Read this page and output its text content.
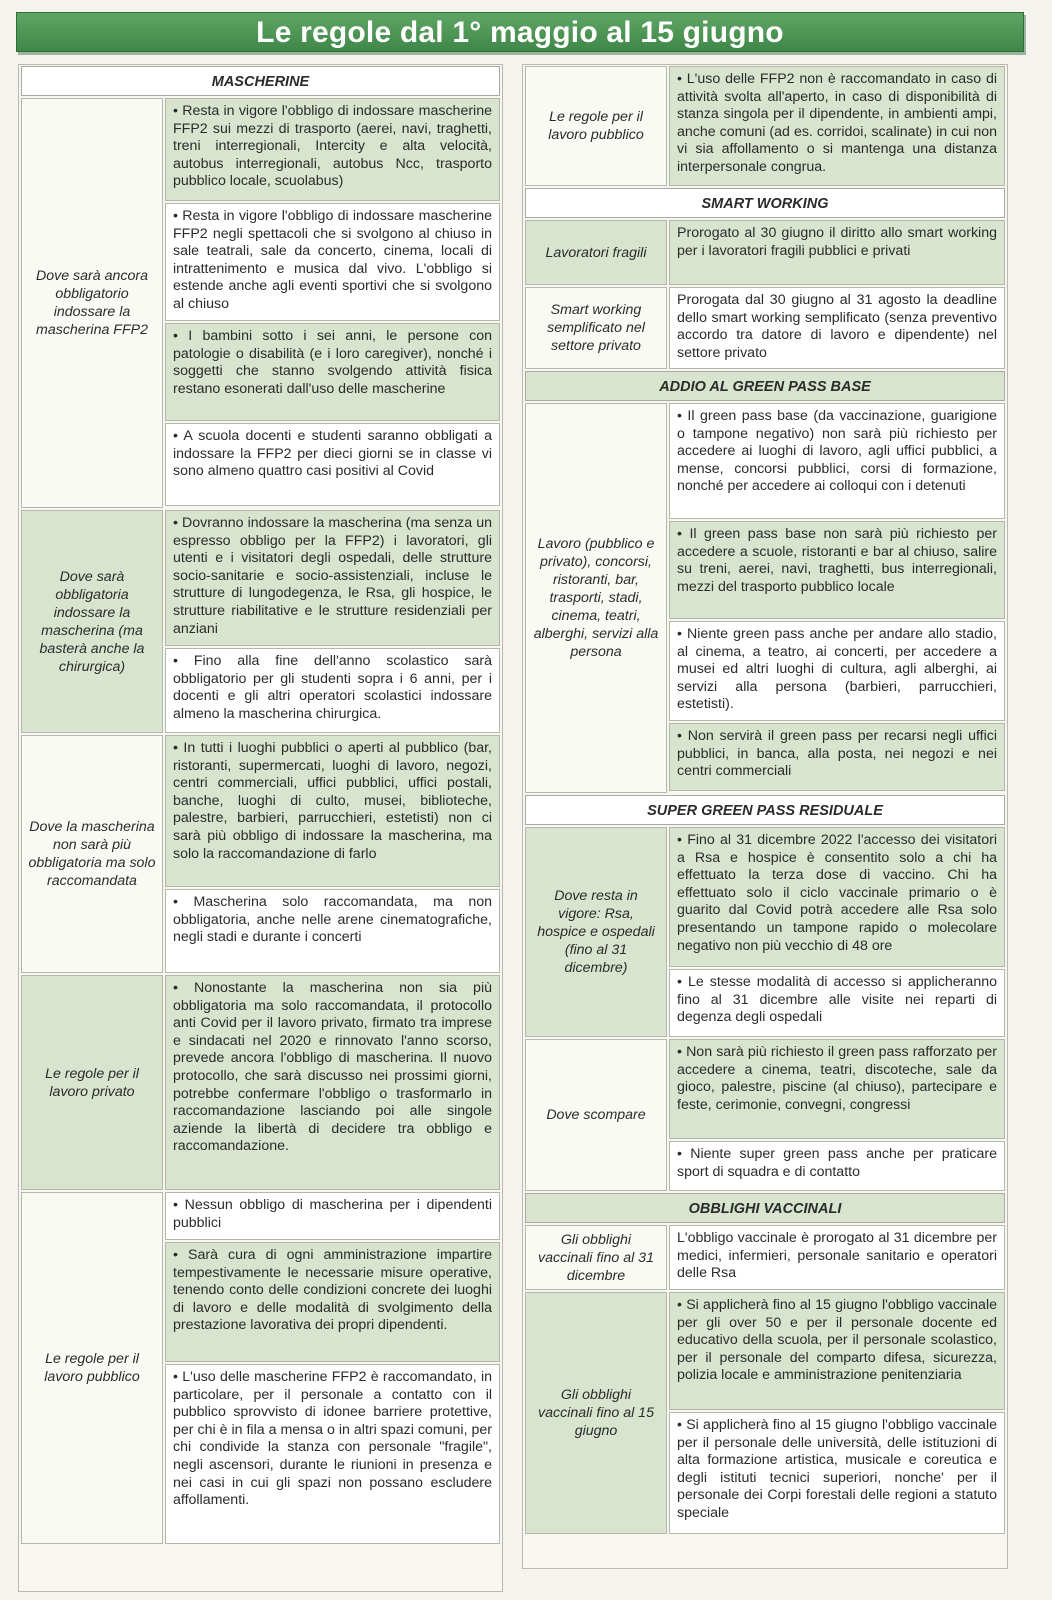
Le regole dal 1° maggio al 15 giugno
MASCHERINE
Dove sarà ancora obbligatorio indossare la mascherina FFP2
• Resta in vigore l'obbligo di indossare mascherine FFP2 sui mezzi di trasporto (aerei, navi, traghetti, treni interregionali, Intercity e alta velocità, autobus interregionali, autobus Ncc, trasporto pubblico locale, scuolabus)
• Resta in vigore l'obbligo di indossare mascherine FFP2 negli spettacoli che si svolgono al chiuso in sale teatrali, sale da concerto, cinema, locali di intrattenimento e musica dal vivo. L'obbligo si estende anche agli eventi sportivi che si svolgono al chiuso
• I bambini sotto i sei anni, le persone con patologie o disabilità (e i loro caregiver), nonché i soggetti che stanno svolgendo attività fisica restano esonerati dall'uso delle mascherine
• A scuola docenti e studenti saranno obbligati a indossare la FFP2 per dieci giorni se in classe vi sono almeno quattro casi positivi al Covid
Dove sarà obbligatoria indossare la mascherina (ma basterà anche la chirurgica)
• Dovranno indossare la mascherina (ma senza un espresso obbligo per la FFP2) i lavoratori, gli utenti e i visitatori degli ospedali, delle strutture socio-sanitarie e socio-assistenziali, incluse le strutture di lungodegenza, le Rsa, gli hospice, le strutture riabilitative e le strutture residenziali per anziani
• Fino alla fine dell'anno scolastico sarà obbligatorio per gli studenti sopra i 6 anni, per i docenti e gli altri operatori scolastici indossare almeno la mascherina chirurgica.
Dove la mascherina non sarà più obbligatoria ma solo raccomandata
• In tutti i luoghi pubblici o aperti al pubblico (bar, ristoranti, supermercati, luoghi di lavoro, negozi, centri commerciali, uffici pubblici, uffici postali, banche, luoghi di culto, musei, biblioteche, palestre, barbieri, parrucchieri, estetisti) non ci sarà più obbligo di indossare la mascherina, ma solo la raccomandazione di farlo
• Mascherina solo raccomandata, ma non obbligatoria, anche nelle arene cinematografiche, negli stadi e durante i concerti
Le regole per il lavoro privato
• Nonostante la mascherina non sia più obbligatoria ma solo raccomandata, il protocollo anti Covid per il lavoro privato, firmato tra imprese e sindacati nel 2020 e rinnovato l'anno scorso, prevede ancora l'obbligo di mascherina. Il nuovo protocollo, che sarà discusso nei prossimi giorni, potrebbe confermare l'obbligo o trasformarlo in raccomandazione lasciando poi alle singole aziende la libertà di decidere tra obbligo e raccomandazione.
Le regole per il lavoro pubblico
• Nessun obbligo di mascherina per i dipendenti pubblici
• Sarà cura di ogni amministrazione impartire tempestivamente le necessarie misure operative, tenendo conto delle condizioni concrete dei luoghi di lavoro e delle modalità di svolgimento della prestazione lavorativa dei propri dipendenti.
• L'uso delle mascherine FFP2 è raccomandato, in particolare, per il personale a contatto con il pubblico sprovvisto di idonee barriere protettive, per chi è in fila a mensa o in altri spazi comuni, per chi condivide la stanza con personale "fragile", negli ascensori, durante le riunioni in presenza e nei casi in cui gli spazi non possano escludere affollamenti.
Le regole per il lavoro pubblico
• L'uso delle FFP2 non è raccomandato in caso di attività svolta all'aperto, in caso di disponibilità di stanza singola per il dipendente, in ambienti ampi, anche comuni (ad es. corridoi, scalinate) in cui non vi sia affollamento o si mantenga una distanza interpersonale congrua.
SMART WORKING
Lavoratori fragili
Prorogato al 30 giugno il diritto allo smart working per i lavoratori fragili pubblici e privati
Smart working semplificato nel settore privato
Prorogata dal 30 giugno al 31 agosto la deadline dello smart working semplificato (senza preventivo accordo tra datore di lavoro e dipendente) nel settore privato
ADDIO AL GREEN PASS BASE
Lavoro (pubblico e privato), concorsi, ristoranti, bar, trasporti, stadi, cinema, teatri, alberghi, servizi alla persona
• Il green pass base (da vaccinazione, guarigione o tampone negativo) non sarà più richiesto per accedere ai luoghi di lavoro, agli uffici pubblici, a mense, concorsi pubblici, corsi di formazione, nonché per accedere ai colloqui con i detenuti
• Il green pass base non sarà più richiesto per accedere a scuole, ristoranti e bar al chiuso, salire su treni, aerei, navi, traghetti, bus interregionali, mezzi del trasporto pubblico locale
• Niente green pass anche per andare allo stadio, al cinema, a teatro, ai concerti, per accedere a musei ed altri luoghi di cultura, agli alberghi, ai servizi alla persona (barbieri, parrucchieri, estetisti).
• Non servirà il green pass per recarsi negli uffici pubblici, in banca, alla posta, nei negozi e nei centri commerciali
SUPER GREEN PASS RESIDUALE
Dove resta in vigore: Rsa, hospice e ospedali (fino al 31 dicembre)
• Fino al 31 dicembre 2022 l'accesso dei visitatori a Rsa e hospice è consentito solo a chi ha effettuato la terza dose di vaccino. Chi ha effettuato solo il ciclo vaccinale primario o è guarito dal Covid potrà accedere alle Rsa solo presentando un tampone rapido o molecolare negativo non più vecchio di 48 ore
• Le stesse modalità di accesso si applicheranno fino al 31 dicembre alle visite nei reparti di degenza degli ospedali
Dove scompare
• Non sarà più richiesto il green pass rafforzato per accedere a cinema, teatri, discoteche, sale da gioco, palestre, piscine (al chiuso), partecipare e feste, cerimonie, convegni, congressi
• Niente super green pass anche per praticare sport di squadra e di contatto
OBBLIGHI VACCINALI
Gli obblighi vaccinali fino al 31 dicembre
L'obbligo vaccinale è prorogato al 31 dicembre per medici, infermieri, personale sanitario e operatori delle Rsa
Gli obblighi vaccinali fino al 15 giugno
• Si applicherà fino al 15 giugno l'obbligo vaccinale per gli over 50 e per il personale docente ed educativo della scuola, per il personale scolastico, per il personale del comparto difesa, sicurezza, polizia locale e amministrazione penitenziaria
• Si applicherà fino al 15 giugno l'obbligo vaccinale per il personale delle università, delle istituzioni di alta formazione artistica, musicale e coreutica e degli istituti tecnici superiori, nonche' per il personale dei Corpi forestali delle regioni a statuto speciale
